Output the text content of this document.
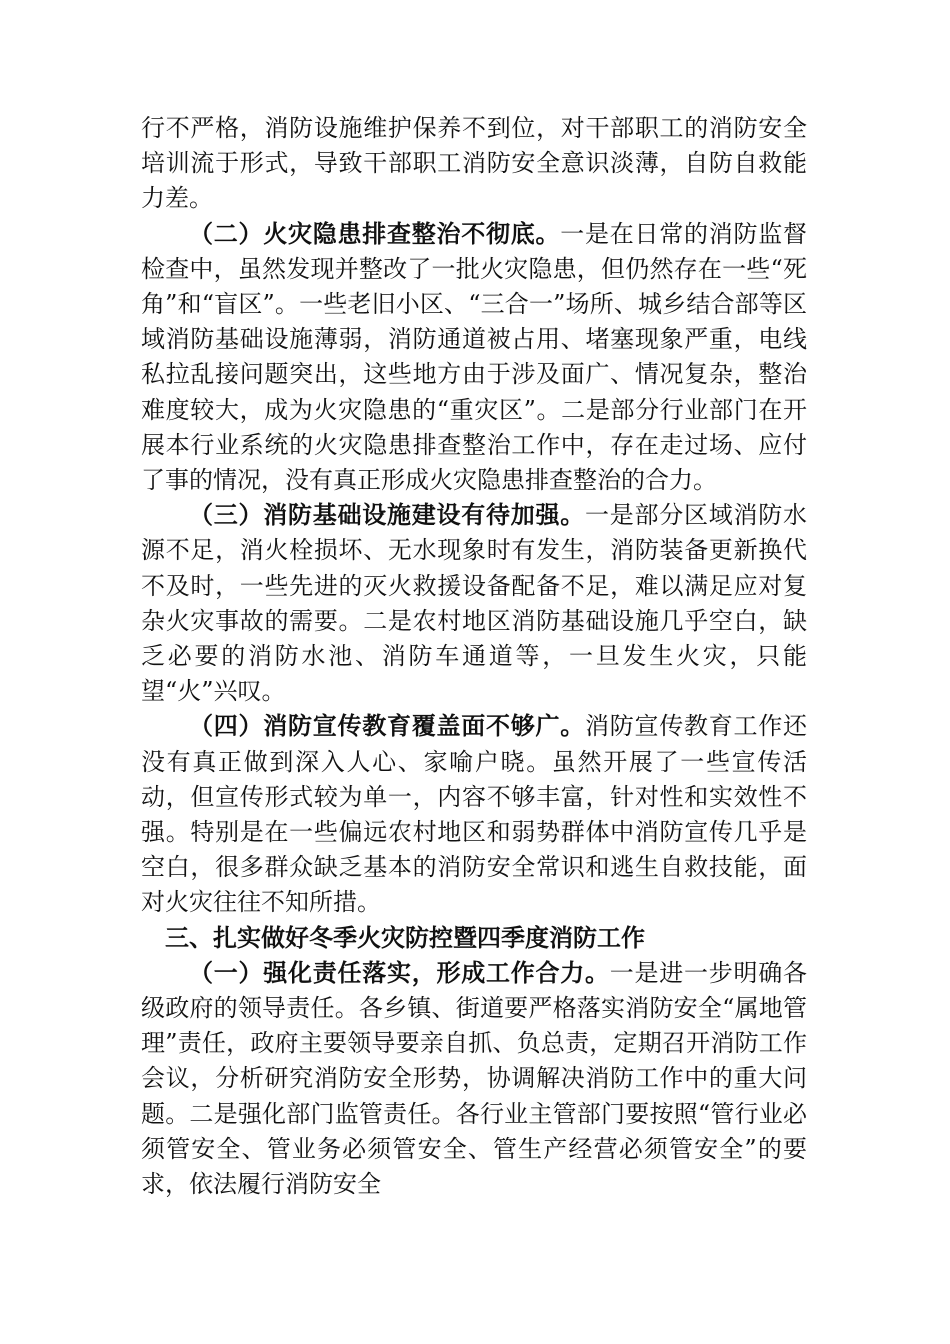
行不严格，消防设施维护保养不到位，对干部职工的消防安全培训流于形式，导致干部职工消防安全意识淡薄，自防自救能力差。

（二）火灾隐患排查整治不彻底。一是在日常的消防监督检查中，虽然发现并整改了一批火灾隐患，但仍然存在一些“死角”和“盲区”。一些老旧小区、“三合一”场所、城乡结合部等区域消防基础设施薄弱，消防通道被占用、堵塞现象严重，电线私拉乱接问题突出，这些地方由于涉及面广、情况复杂，整治难度较大，成为火灾隐患的“重灾区”。二是部分行业部门在开展本行业系统的火灾隐患排查整治工作中，存在走过场、应付了事的情况，没有真正形成火灾隐患排查整治的合力。

（三）消防基础设施建设有待加强。一是部分区域消防水源不足，消火栓损坏、无水现象时有发生，消防装备更新换代不及时，一些先进的灭火救援设备配备不足，难以满足应对复杂火灾事故的需要。二是农村地区消防基础设施几乎空白，缺乏必要的消防水池、消防车通道等，一旦发生火灾，只能望“火”兴叹。

（四）消防宣传教育覆盖面不够广。消防宣传教育工作还没有真正做到深入人心、家喻户晓。虽然开展了一些宣传活动，但宣传形式较为单一，内容不够丰富，针对性和实效性不强。特别是在一些偏远农村地区和弱势群体中消防宣传几乎是空白，很多群众缺乏基本的消防安全常识和逃生自救技能，面对火灾往往不知所措。

三、扎实做好冬季火灾防控暨四季度消防工作

（一）强化责任落实，形成工作合力。一是进一步明确各级政府的领导责任。各乡镇、街道要严格落实消防安全“属地管理”责任，政府主要领导要亲自抓、负总责，定期召开消防工作会议，分析研究消防安全形势，协调解决消防工作中的重大问题。二是强化部门监管责任。各行业主管部门要按照“管行业必须管安全、管业务必须管安全、管生产经营必须管安全”的要求，依法履行消防安全
